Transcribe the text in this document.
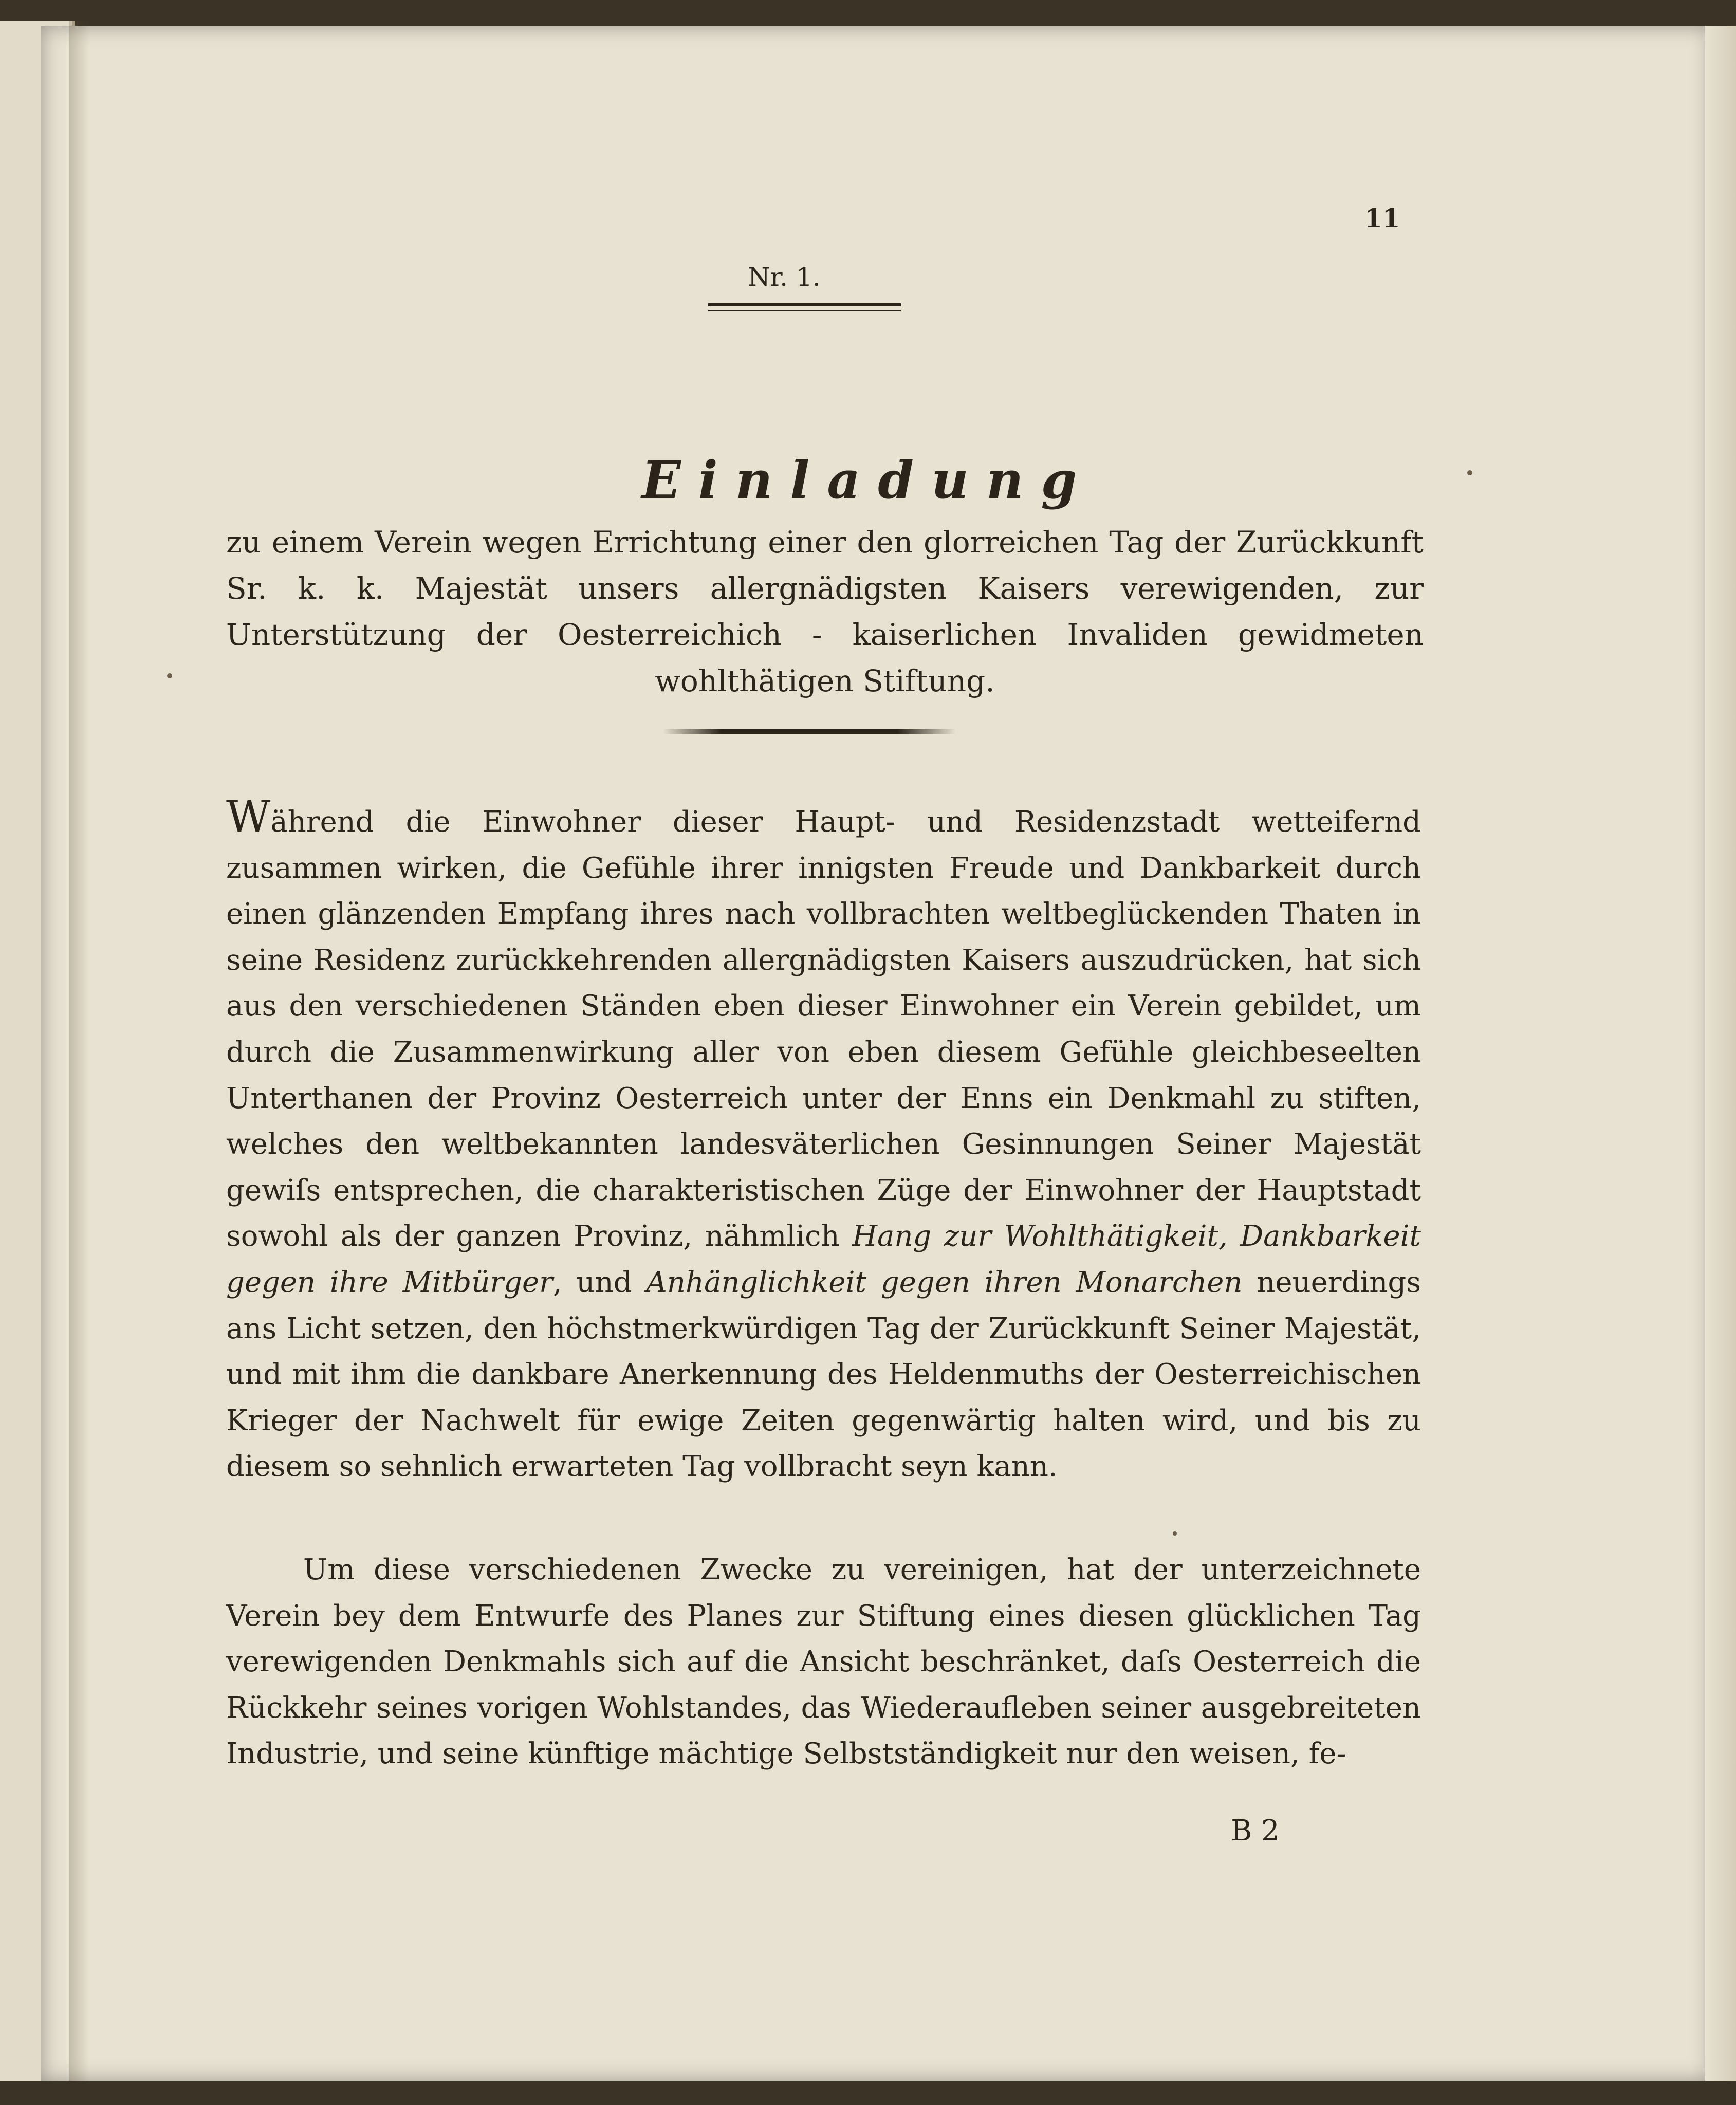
11
Nr. 1.
Einladung
zu einem Verein wegen Errichtung einer den glorreichen Tag der Zurückkunft Sr. k. k. Majestät unsers allergnädigsten Kaisers verewigenden, zur Unterstützung der Oesterreichich - kaiserlichen Invaliden gewidmeten wohlthätigen Stiftung.
Während die Einwohner dieser Haupt- und Residenzstadt wetteifernd zusammen wirken, die Gefühle ihrer innigsten Freude und Dankbarkeit durch einen glänzenden Empfang ihres nach vollbrachten weltbeglückenden Thaten in seine Residenz zurückkehrenden allergnädigsten Kaisers auszudrücken, hat sich aus den verschiedenen Ständen eben dieser Einwohner ein Verein gebildet, um durch die Zusammenwirkung aller von eben diesem Gefühle gleichbeseelten Unterthanen der Provinz Oesterreich unter der Enns ein Denkmahl zu stiften, welches den weltbekannten landesväterlichen Gesinnungen Seiner Majestät gewiſs entsprechen, die charakteristischen Züge der Einwohner der Hauptstadt sowohl als der ganzen Provinz, nähmlich Hang zur Wohlthätigkeit, Dankbarkeit gegen ihre Mitbürger, und Anhänglichkeit gegen ihren Monarchen neuerdings ans Licht setzen, den höchstmerkwürdigen Tag der Zurückkunft Seiner Majestät, und mit ihm die dankbare Anerkennung des Heldenmuths der Oesterreichischen Krieger der Nachwelt für ewige Zeiten gegenwärtig halten wird, und bis zu diesem so sehnlich erwarteten Tag vollbracht seyn kann.
Um diese verschiedenen Zwecke zu vereinigen, hat der unterzeichnete Verein bey dem Entwurfe des Planes zur Stiftung eines diesen glücklichen Tag verewigenden Denkmahls sich auf die Ansicht beschränket, daſs Oesterreich die Rückkehr seines vorigen Wohlstandes, das Wiederaufleben seiner ausgebreiteten Industrie, und seine künftige mächtige Selbstständigkeit nur den weisen, fe-
B 2
